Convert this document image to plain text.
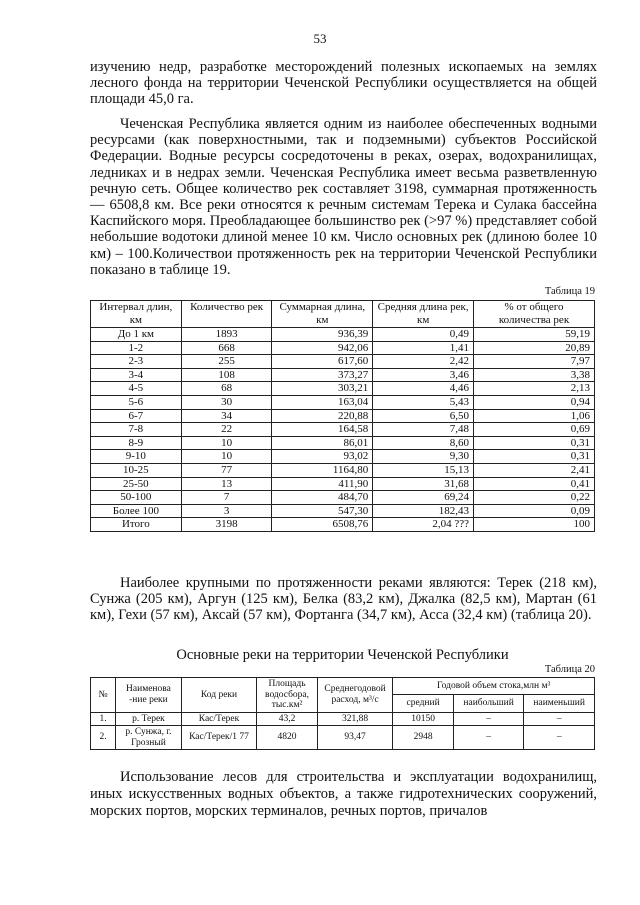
53

изучению недр, разработке месторождений полезных ископаемых на землях лесного фонда на территории Чеченской Республики осуществляется на общей площади 45,0 га.

Чеченская Республика является одним из наиболее обеспеченных водными ресурсами (как поверхностными, так и подземными) субъектов Российской Федерации. Водные ресурсы сосредоточены в реках, озерах, водохранилищах, ледниках и в недрах земли. Чеченская Республика имеет весьма разветвленную речную сеть. Общее количество рек составляет 3198, суммарная протяженность — 6508,8 км. Все реки относятся к речным системам Терека и Сулака бассейна Каспийского моря. Преобладающее большинство рек (>97 %) представляет собой небольшие водотоки длиной менее 10 км. Число основных рек (длиною более 10 км) – 100.Количествои протяженность рек на территории Чеченской Республики показано в таблице 19.

Таблица 19
Интервал длин, км	Количество рек	Суммарная длина, км	Средняя длина рек, км	% от общего количества рек
До 1 км	1893	936,39	0,49	59,19
1-2	668	942,06	1,41	20,89
2-3	255	617,60	2,42	7,97
3-4	108	373,27	3,46	3,38
4-5	68	303,21	4,46	2,13
5-6	30	163,04	5,43	0,94
6-7	34	220,88	6,50	1,06
7-8	22	164,58	7,48	0,69
8-9	10	86,01	8,60	0,31
9-10	10	93,02	9,30	0,31
10-25	77	1164,80	15,13	2,41
25-50	13	411,90	31,68	0,41
50-100	7	484,70	69,24	0,22
Более 100	3	547,30	182,43	0,09
Итого	3198	6508,76	2,04 ???	100

Наиболее крупными по протяженности реками являются: Терек (218 км), Сунжа (205 км), Аргун (125 км), Белка (83,2 км), Джалка (82,5 км), Мартан (61 км), Гехи (57 км), Аксай (57 км), Фортанга (34,7 км), Асса (32,4 км) (таблица 20).

Основные реки на территории Чеченской Республики
Таблица 20
№	Наименова -ние реки	Код реки	Площадь водосбора, тыс.км²	Среднегодовой расход, м³/с	Годовой объем стока,млн м³		
					средний	наибольший	наименьший
1.	р. Терек	Кас/Терек	43,2	321,88	10150	–	–
2.	р. Сунжа, г. Грозный	Кас/Терек/1 77	4820	93,47	2948	–	–

Использование лесов для строительства и эксплуатации водохранилищ, иных искусственных водных объектов, а также гидротехнических сооружений, морских портов, морских терминалов, речных портов, причалов
